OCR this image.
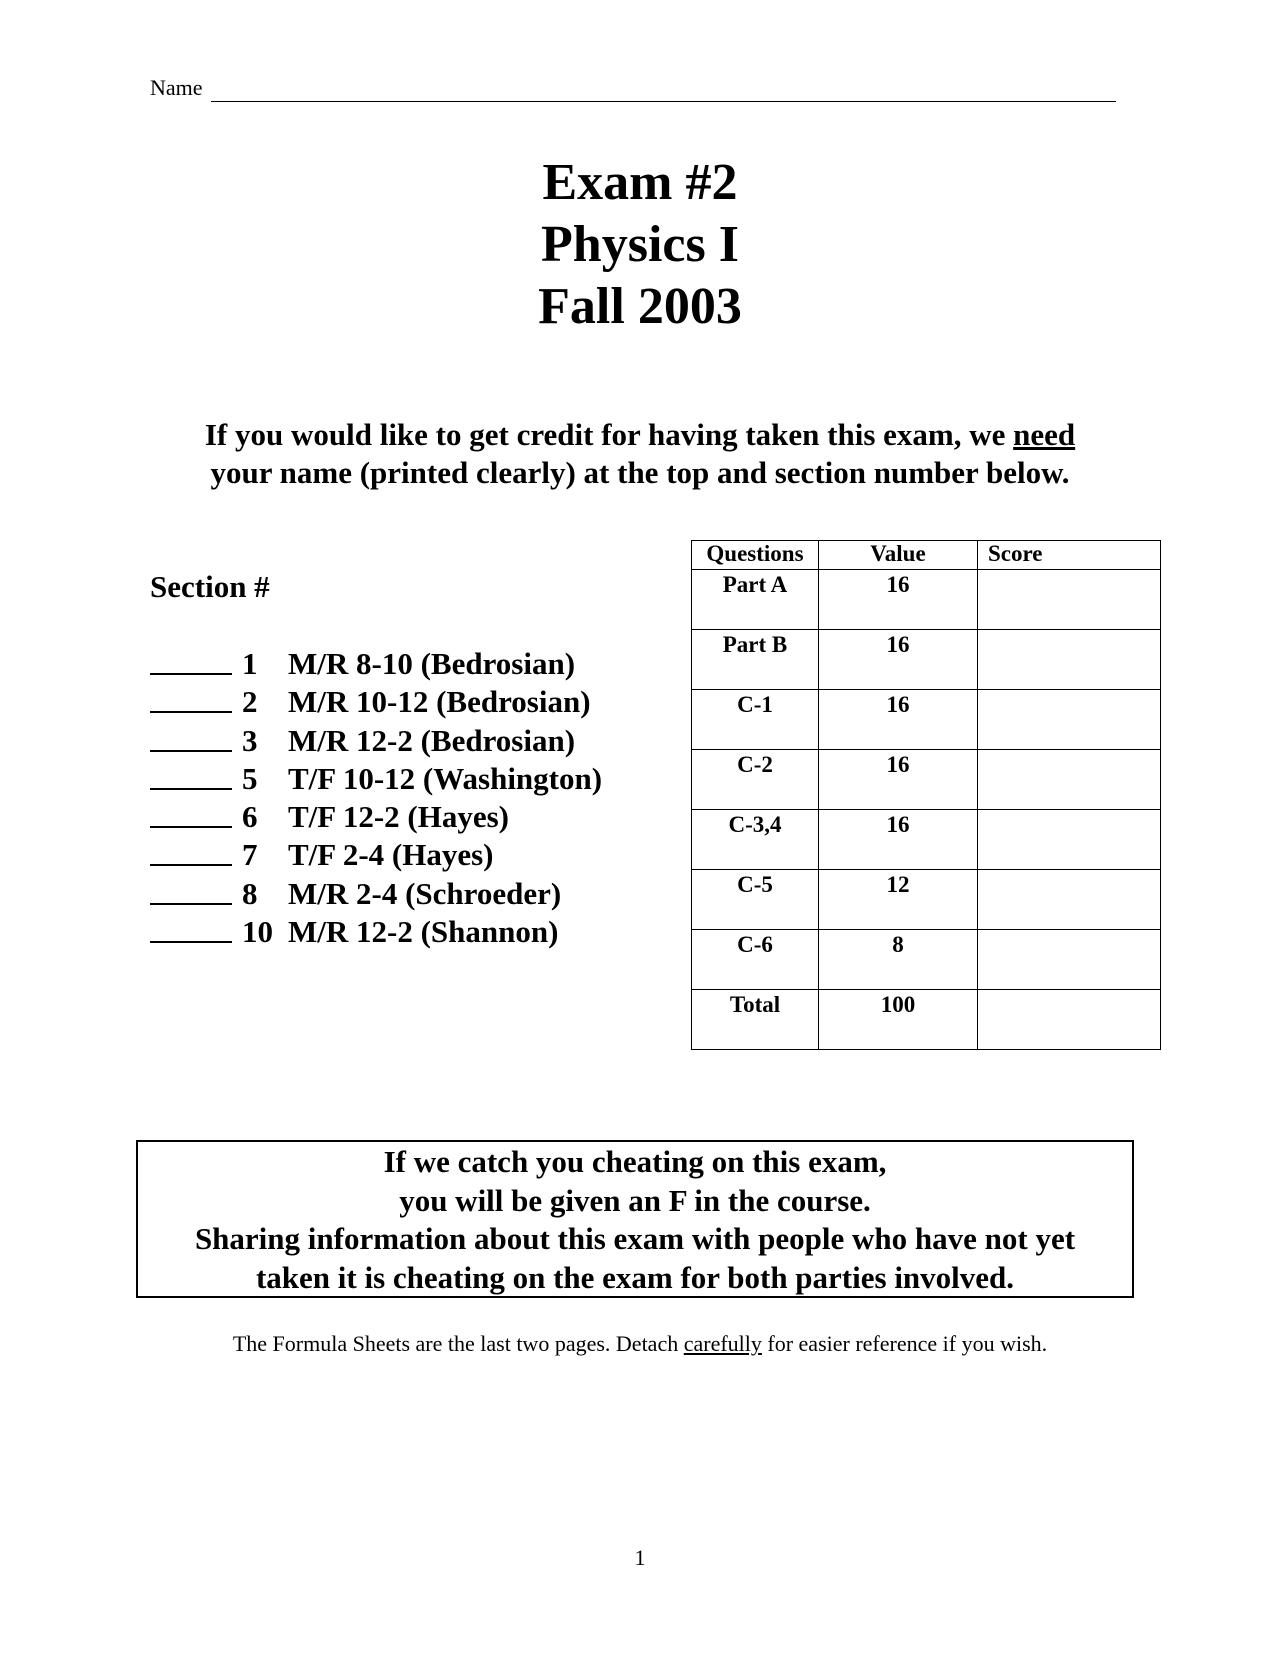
Name
Exam #2
Physics I
Fall 2003
If you would like to get credit for having taken this exam, we need
your name (printed clearly) at the top and section number below.
Section #
1 M/R 8-10 (Bedrosian)
2 M/R 10-12 (Bedrosian)
3 M/R 12-2 (Bedrosian)
5 T/F 10-12 (Washington)
6 T/F 12-2 (Hayes)
7 T/F 2-4 (Hayes)
8 M/R 2-4 (Schroeder)
10 M/R 12-2 (Shannon)
Questions	Value	Score
Part A	16	
Part B	16	
C-1	16	
C-2	16	
C-3,4	16	
C-5	12	
C-6	8	
Total	100	
If we catch you cheating on this exam,
you will be given an F in the course.
Sharing information about this exam with people who have not yet
taken it is cheating on the exam for both parties involved.
The Formula Sheets are the last two pages. Detach carefully for easier reference if you wish.
1
